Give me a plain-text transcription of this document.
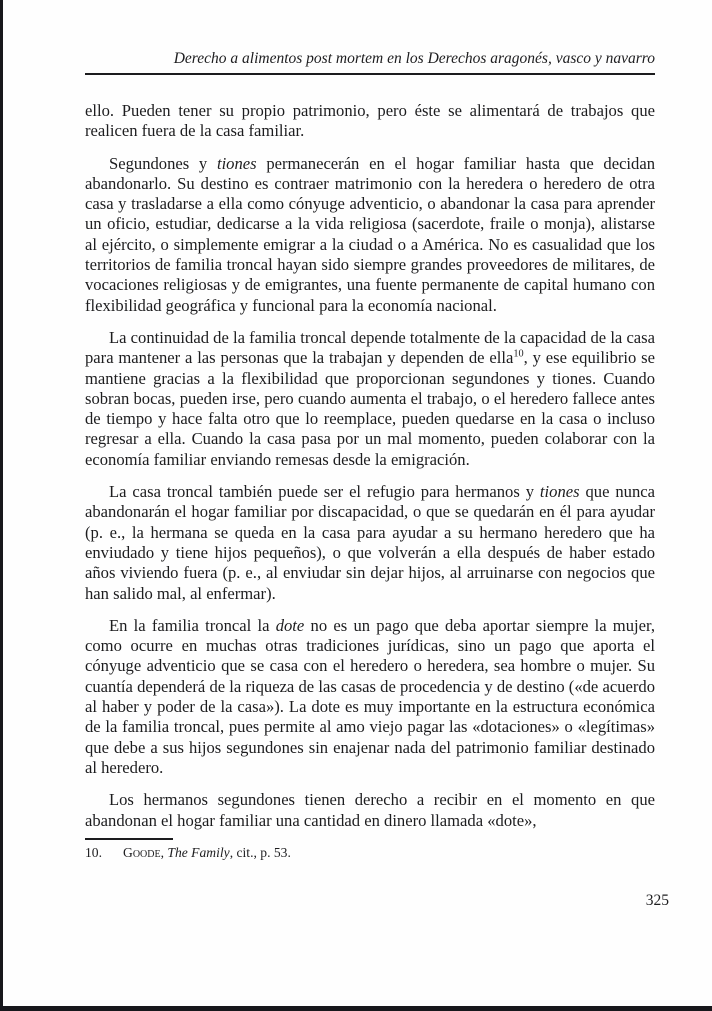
Derecho a alimentos post mortem en los Derechos aragonés, vasco y navarro

ello. Pueden tener su propio patrimonio, pero éste se alimentará de trabajos que realicen fuera de la casa familiar.

Segundones y tiones permanecerán en el hogar familiar hasta que decidan abandonarlo. Su destino es contraer matrimonio con la heredera o heredero de otra casa y trasladarse a ella como cónyuge adventicio, o abandonar la casa para aprender un oficio, estudiar, dedicarse a la vida religiosa (sacerdote, fraile o monja), alistarse al ejército, o simplemente emigrar a la ciudad o a América. No es casualidad que los territorios de familia troncal hayan sido siempre grandes proveedores de militares, de vocaciones religiosas y de emigrantes, una fuente permanente de capital humano con flexibilidad geográfica y funcional para la economía nacional.

La continuidad de la familia troncal depende totalmente de la capacidad de la casa para mantener a las personas que la trabajan y dependen de ella$^{10}$, y ese equilibrio se mantiene gracias a la flexibilidad que proporcionan segundones y tiones. Cuando sobran bocas, pueden irse, pero cuando aumenta el trabajo, o el heredero fallece antes de tiempo y hace falta otro que lo reemplace, pueden quedarse en la casa o incluso regresar a ella. Cuando la casa pasa por un mal momento, pueden colaborar con la economía familiar enviando remesas desde la emigración.

La casa troncal también puede ser el refugio para hermanos y tiones que nunca abandonarán el hogar familiar por discapacidad, o que se quedarán en él para ayudar (p. e., la hermana se queda en la casa para ayudar a su hermano heredero que ha enviudado y tiene hijos pequeños), o que volverán a ella después de haber estado años viviendo fuera (p. e., al enviudar sin dejar hijos, al arruinarse con negocios que han salido mal, al enfermar).

En la familia troncal la dote no es un pago que deba aportar siempre la mujer, como ocurre en muchas otras tradiciones jurídicas, sino un pago que aporta el cónyuge adventicio que se casa con el heredero o heredera, sea hombre o mujer. Su cuantía dependerá de la riqueza de las casas de procedencia y de destino («de acuerdo al haber y poder de la casa»). La dote es muy importante en la estructura económica de la familia troncal, pues permite al amo viejo pagar las «dotaciones» o «legítimas» que debe a sus hijos segundones sin enajenar nada del patrimonio familiar destinado al heredero.

Los hermanos segundones tienen derecho a recibir en el momento en que abandonan el hogar familiar una cantidad en dinero llamada «dote»,

10. Goode, The Family, cit., p. 53.
325
